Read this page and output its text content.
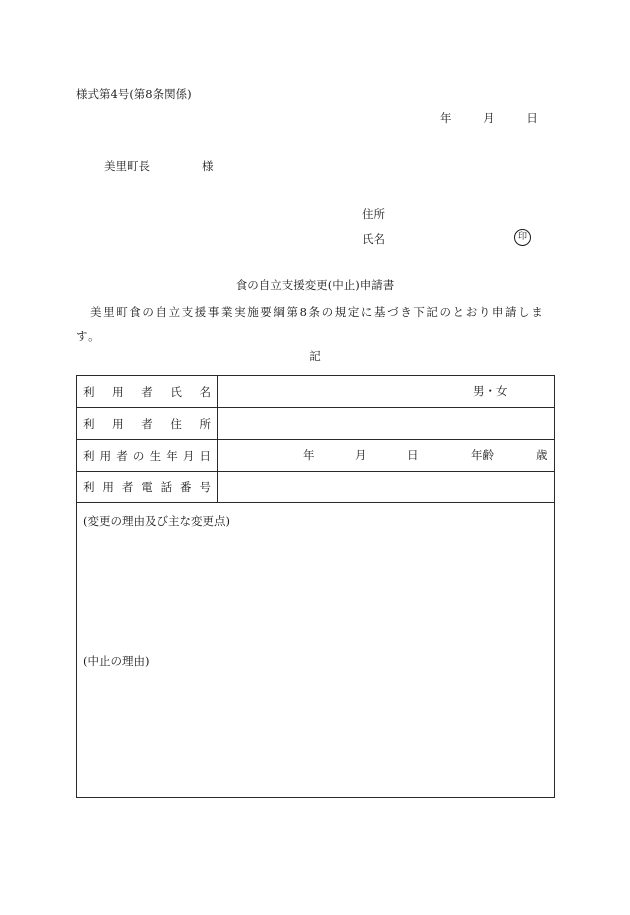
様式第4号(第8条関係)
年	月	日
美里町長	様
住所
氏名	印
食の自立支援変更(中止)申請書
美里町食の自立支援事業実施要綱第8条の規定に基づき下記のとおり申請します。
記
利 用 者 氏 名	男・女
利 用 者 住 所
利 用 者 の 生 年 月 日	年	月	日	年齢	歳
利 用 者 電 話 番 号
(変更の理由及び主な変更点)
(中止の理由)
